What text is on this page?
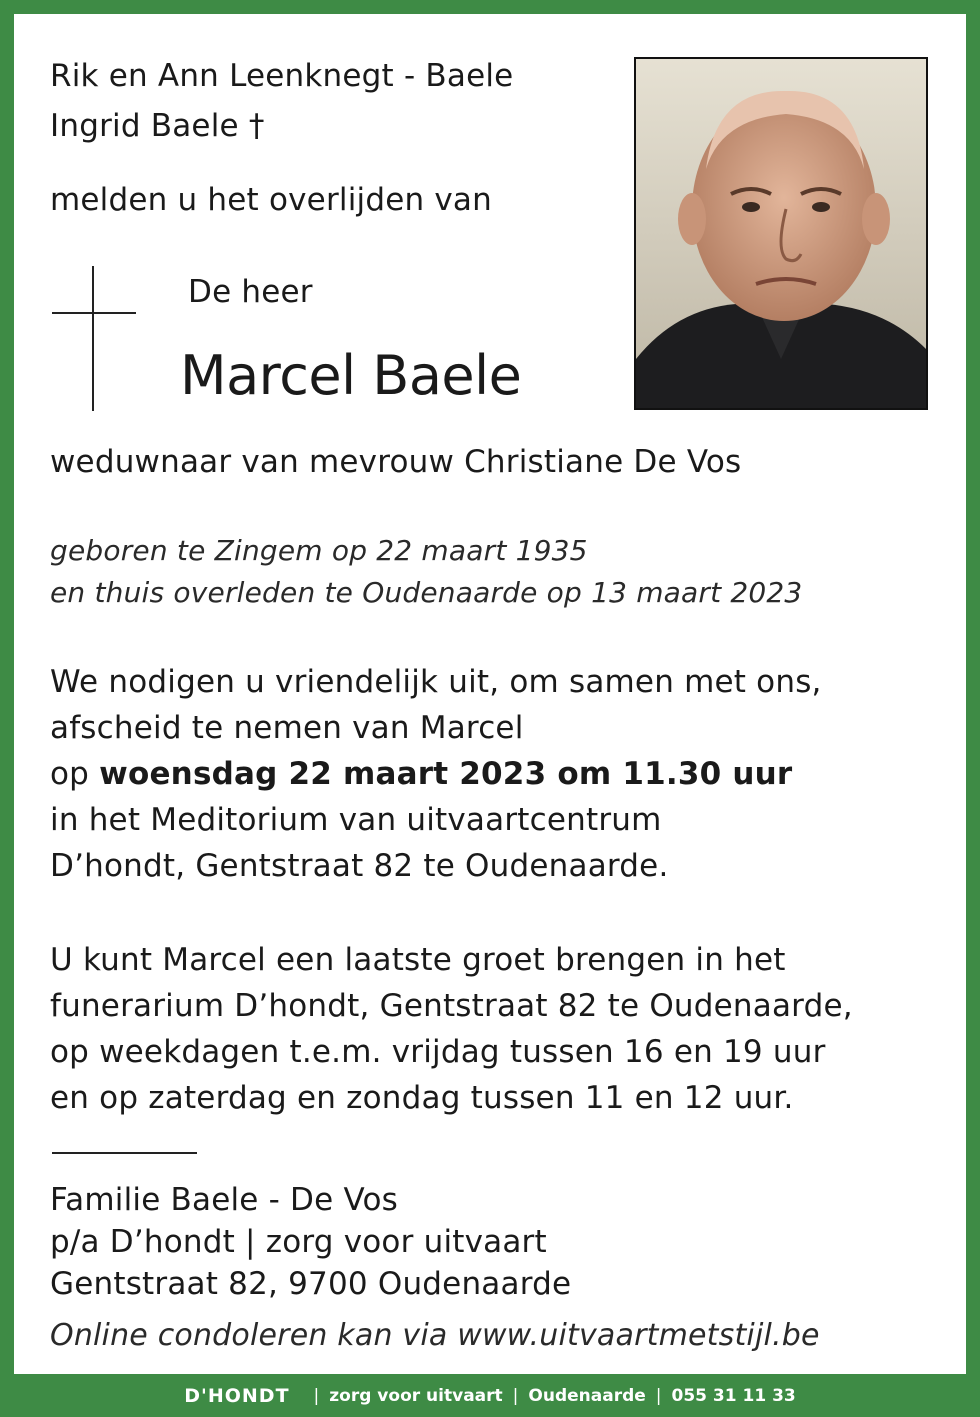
Rik en Ann Leenknegt - Baele
Ingrid Baele †
melden u het overlijden van
De heer
Marcel Baele
weduwnaar van mevrouw Christiane De Vos
geboren te Zingem op 22 maart 1935
en thuis overleden te Oudenaarde op 13 maart 2023
We nodigen u vriendelijk uit, om samen met ons,
afscheid te nemen van Marcel
op woensdag 22 maart 2023 om 11.30 uur
in het Meditorium van uitvaartcentrum
D’hondt, Gentstraat 82 te Oudenaarde.
U kunt Marcel een laatste groet brengen in het
funerarium D’hondt, Gentstraat 82 te Oudenaarde,
op weekdagen t.e.m. vrijdag tussen 16 en 19 uur
en op zaterdag en zondag tussen 11 en 12 uur.
Familie Baele - De Vos
p/a D’hondt | zorg voor uitvaart
Gentstraat 82, 9700 Oudenaarde
Online condoleren kan via www.uitvaartmetstijl.be
D'HONDT | zorg voor uitvaart | Oudenaarde | 055 31 11 33
